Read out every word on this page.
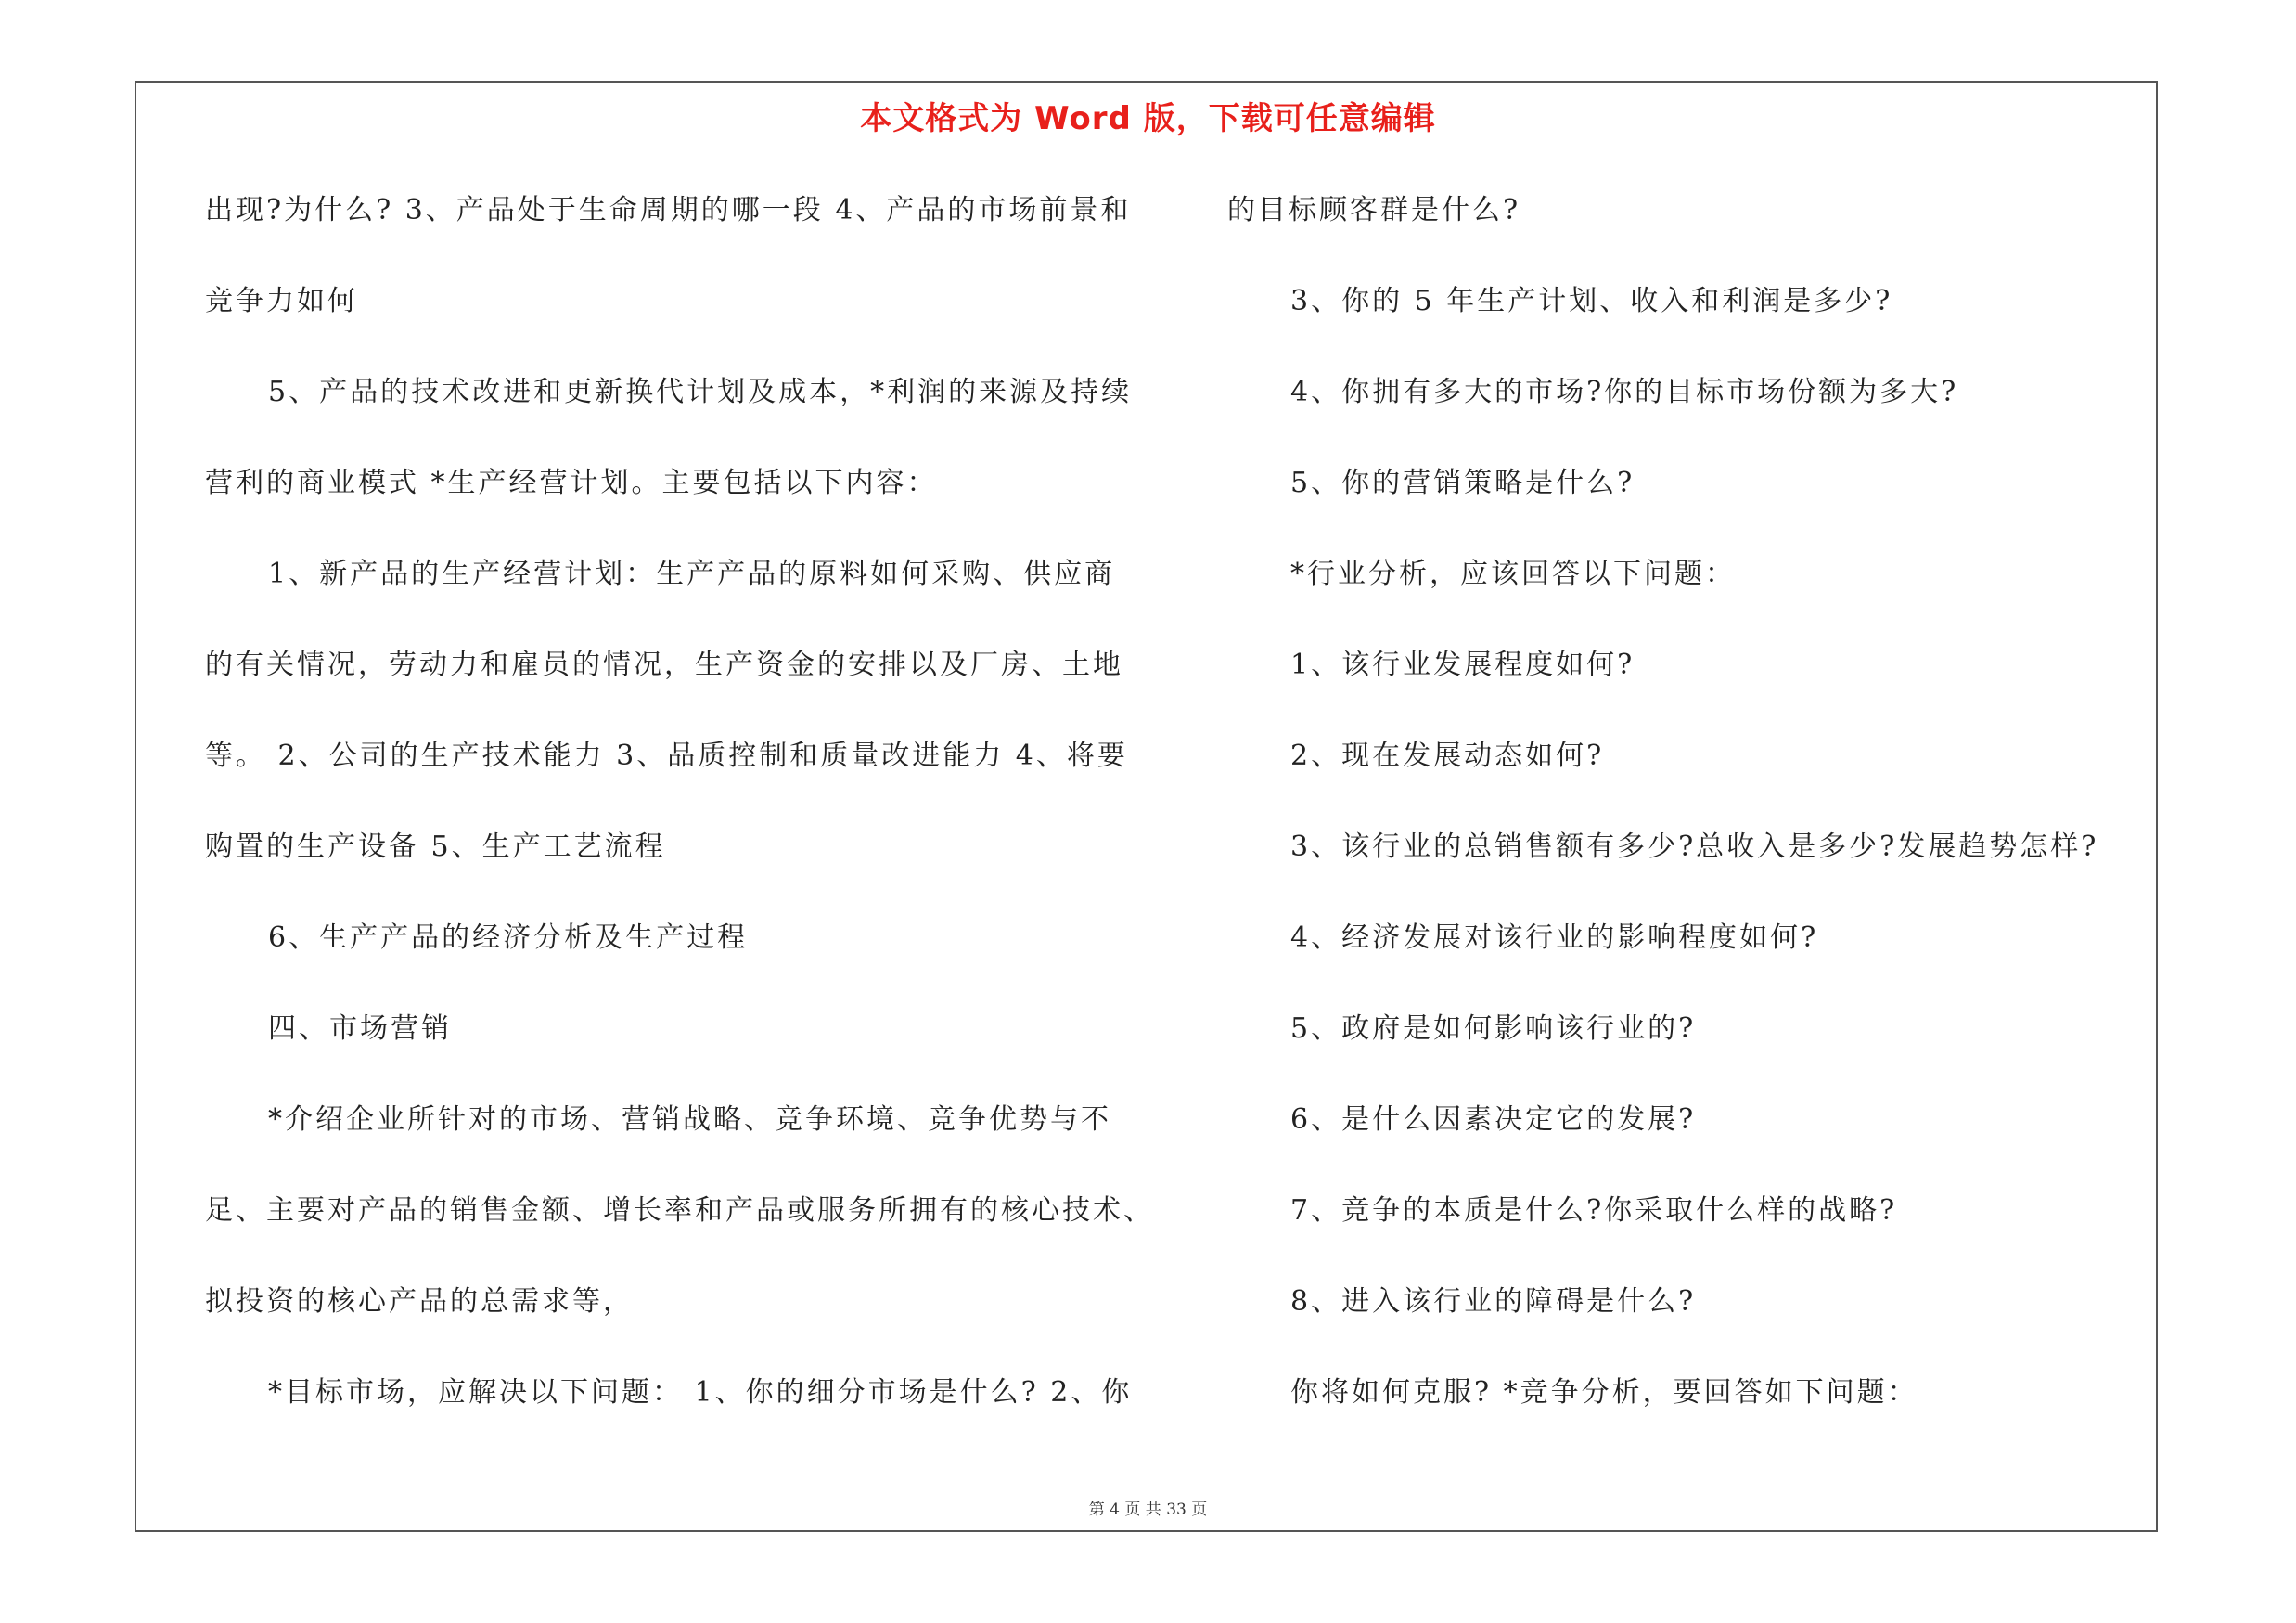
本文格式为 Word 版，下载可任意编辑
出现?为什么? 3、产品处于生命周期的哪一段 4、产品的市场前景和
竞争力如何
5、产品的技术改进和更新换代计划及成本，*利润的来源及持续
营利的商业模式 *生产经营计划。主要包括以下内容：
1、新产品的生产经营计划：生产产品的原料如何采购、供应商
的有关情况，劳动力和雇员的情况，生产资金的安排以及厂房、土地
等。 2、公司的生产技术能力 3、品质控制和质量改进能力 4、将要
购置的生产设备 5、生产工艺流程
6、生产产品的经济分析及生产过程
四、市场营销
*介绍企业所针对的市场、营销战略、竞争环境、竞争优势与不
足、主要对产品的销售金额、增长率和产品或服务所拥有的核心技术、
拟投资的核心产品的总需求等，
*目标市场，应解决以下问题： 1、你的细分市场是什么? 2、你
的目标顾客群是什么?
3、你的 5 年生产计划、收入和利润是多少?
4、你拥有多大的市场?你的目标市场份额为多大?
5、你的营销策略是什么?
*行业分析，应该回答以下问题：
1、该行业发展程度如何?
2、现在发展动态如何?
3、该行业的总销售额有多少?总收入是多少?发展趋势怎样?
4、经济发展对该行业的影响程度如何?
5、政府是如何影响该行业的?
6、是什么因素决定它的发展?
7、竞争的本质是什么?你采取什么样的战略?
8、进入该行业的障碍是什么?
你将如何克服? *竞争分析，要回答如下问题：
第 4 页 共 33 页
